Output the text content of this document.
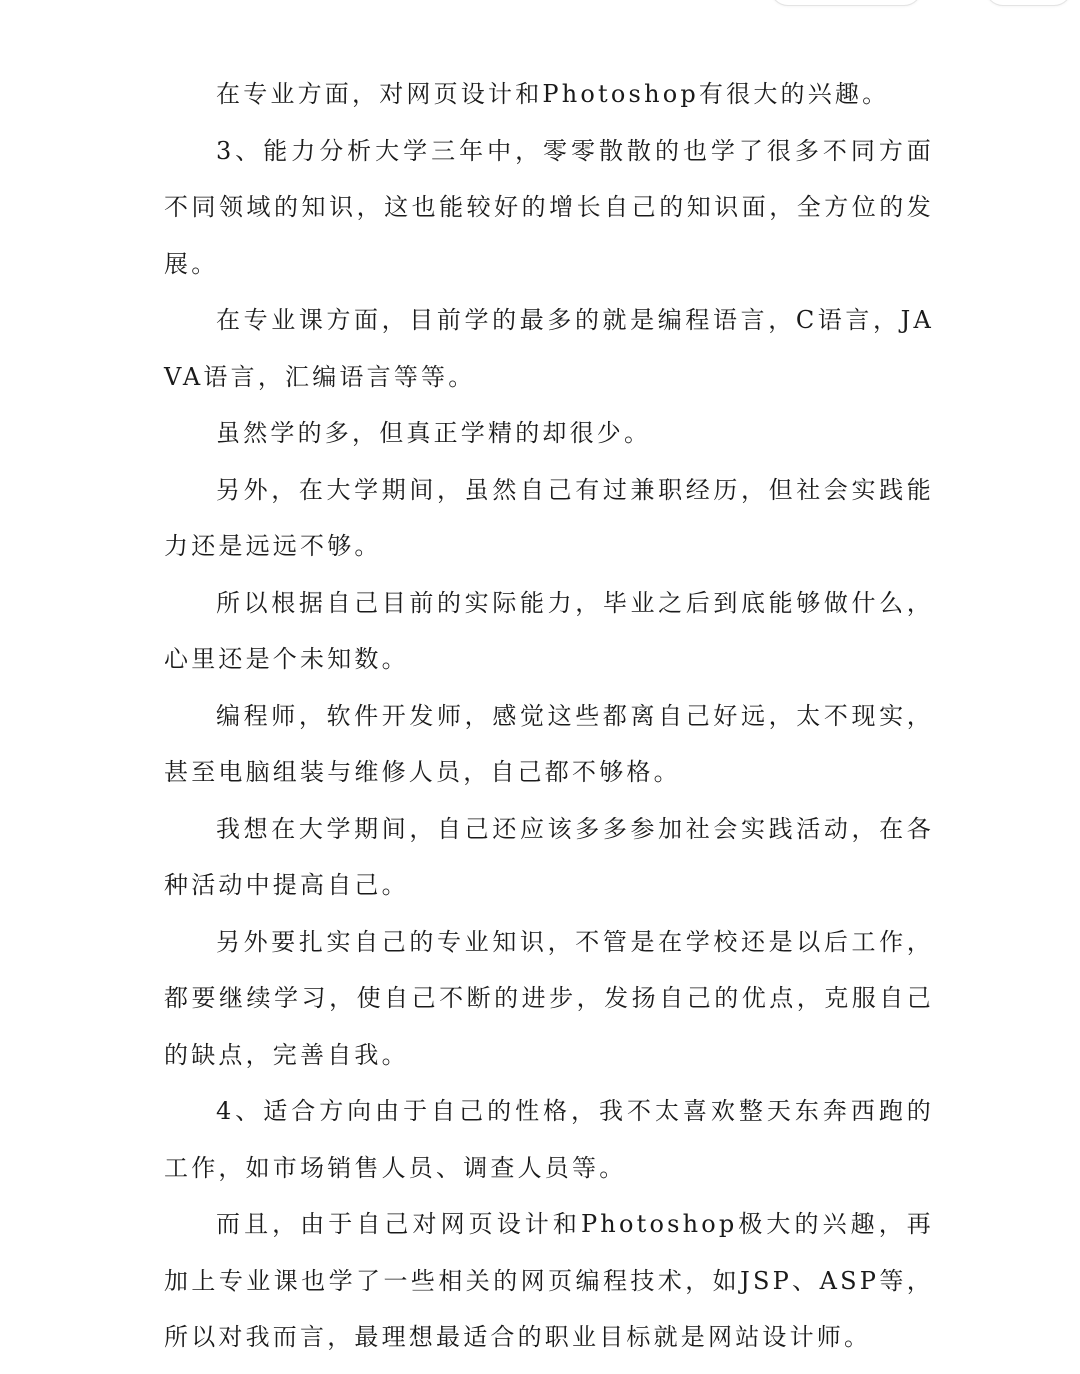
在专业方面，对网页设计和Photoshop有很大的兴趣。

3、能力分析大学三年中，零零散散的也学了很多不同方面不同领域的知识，这也能较好的增长自己的知识面，全方位的发展。

在专业课方面，目前学的最多的就是编程语言，C语言，JAVA语言，汇编语言等等。

虽然学的多，但真正学精的却很少。

另外，在大学期间，虽然自己有过兼职经历，但社会实践能力还是远远不够。

所以根据自己目前的实际能力，毕业之后到底能够做什么，心里还是个未知数。

编程师，软件开发师，感觉这些都离自己好远，太不现实，甚至电脑组装与维修人员，自己都不够格。

我想在大学期间，自己还应该多多参加社会实践活动，在各种活动中提高自己。

另外要扎实自己的专业知识，不管是在学校还是以后工作，都要继续学习，使自己不断的进步，发扬自己的优点，克服自己的缺点，完善自我。

4、适合方向由于自己的性格，我不太喜欢整天东奔西跑的工作，如市场销售人员、调查人员等。

而且，由于自己对网页设计和Photoshop极大的兴趣，再加上专业课也学了一些相关的网页编程技术，如JSP、ASP等，所以对我而言，最理想最适合的职业目标就是网站设计师。
